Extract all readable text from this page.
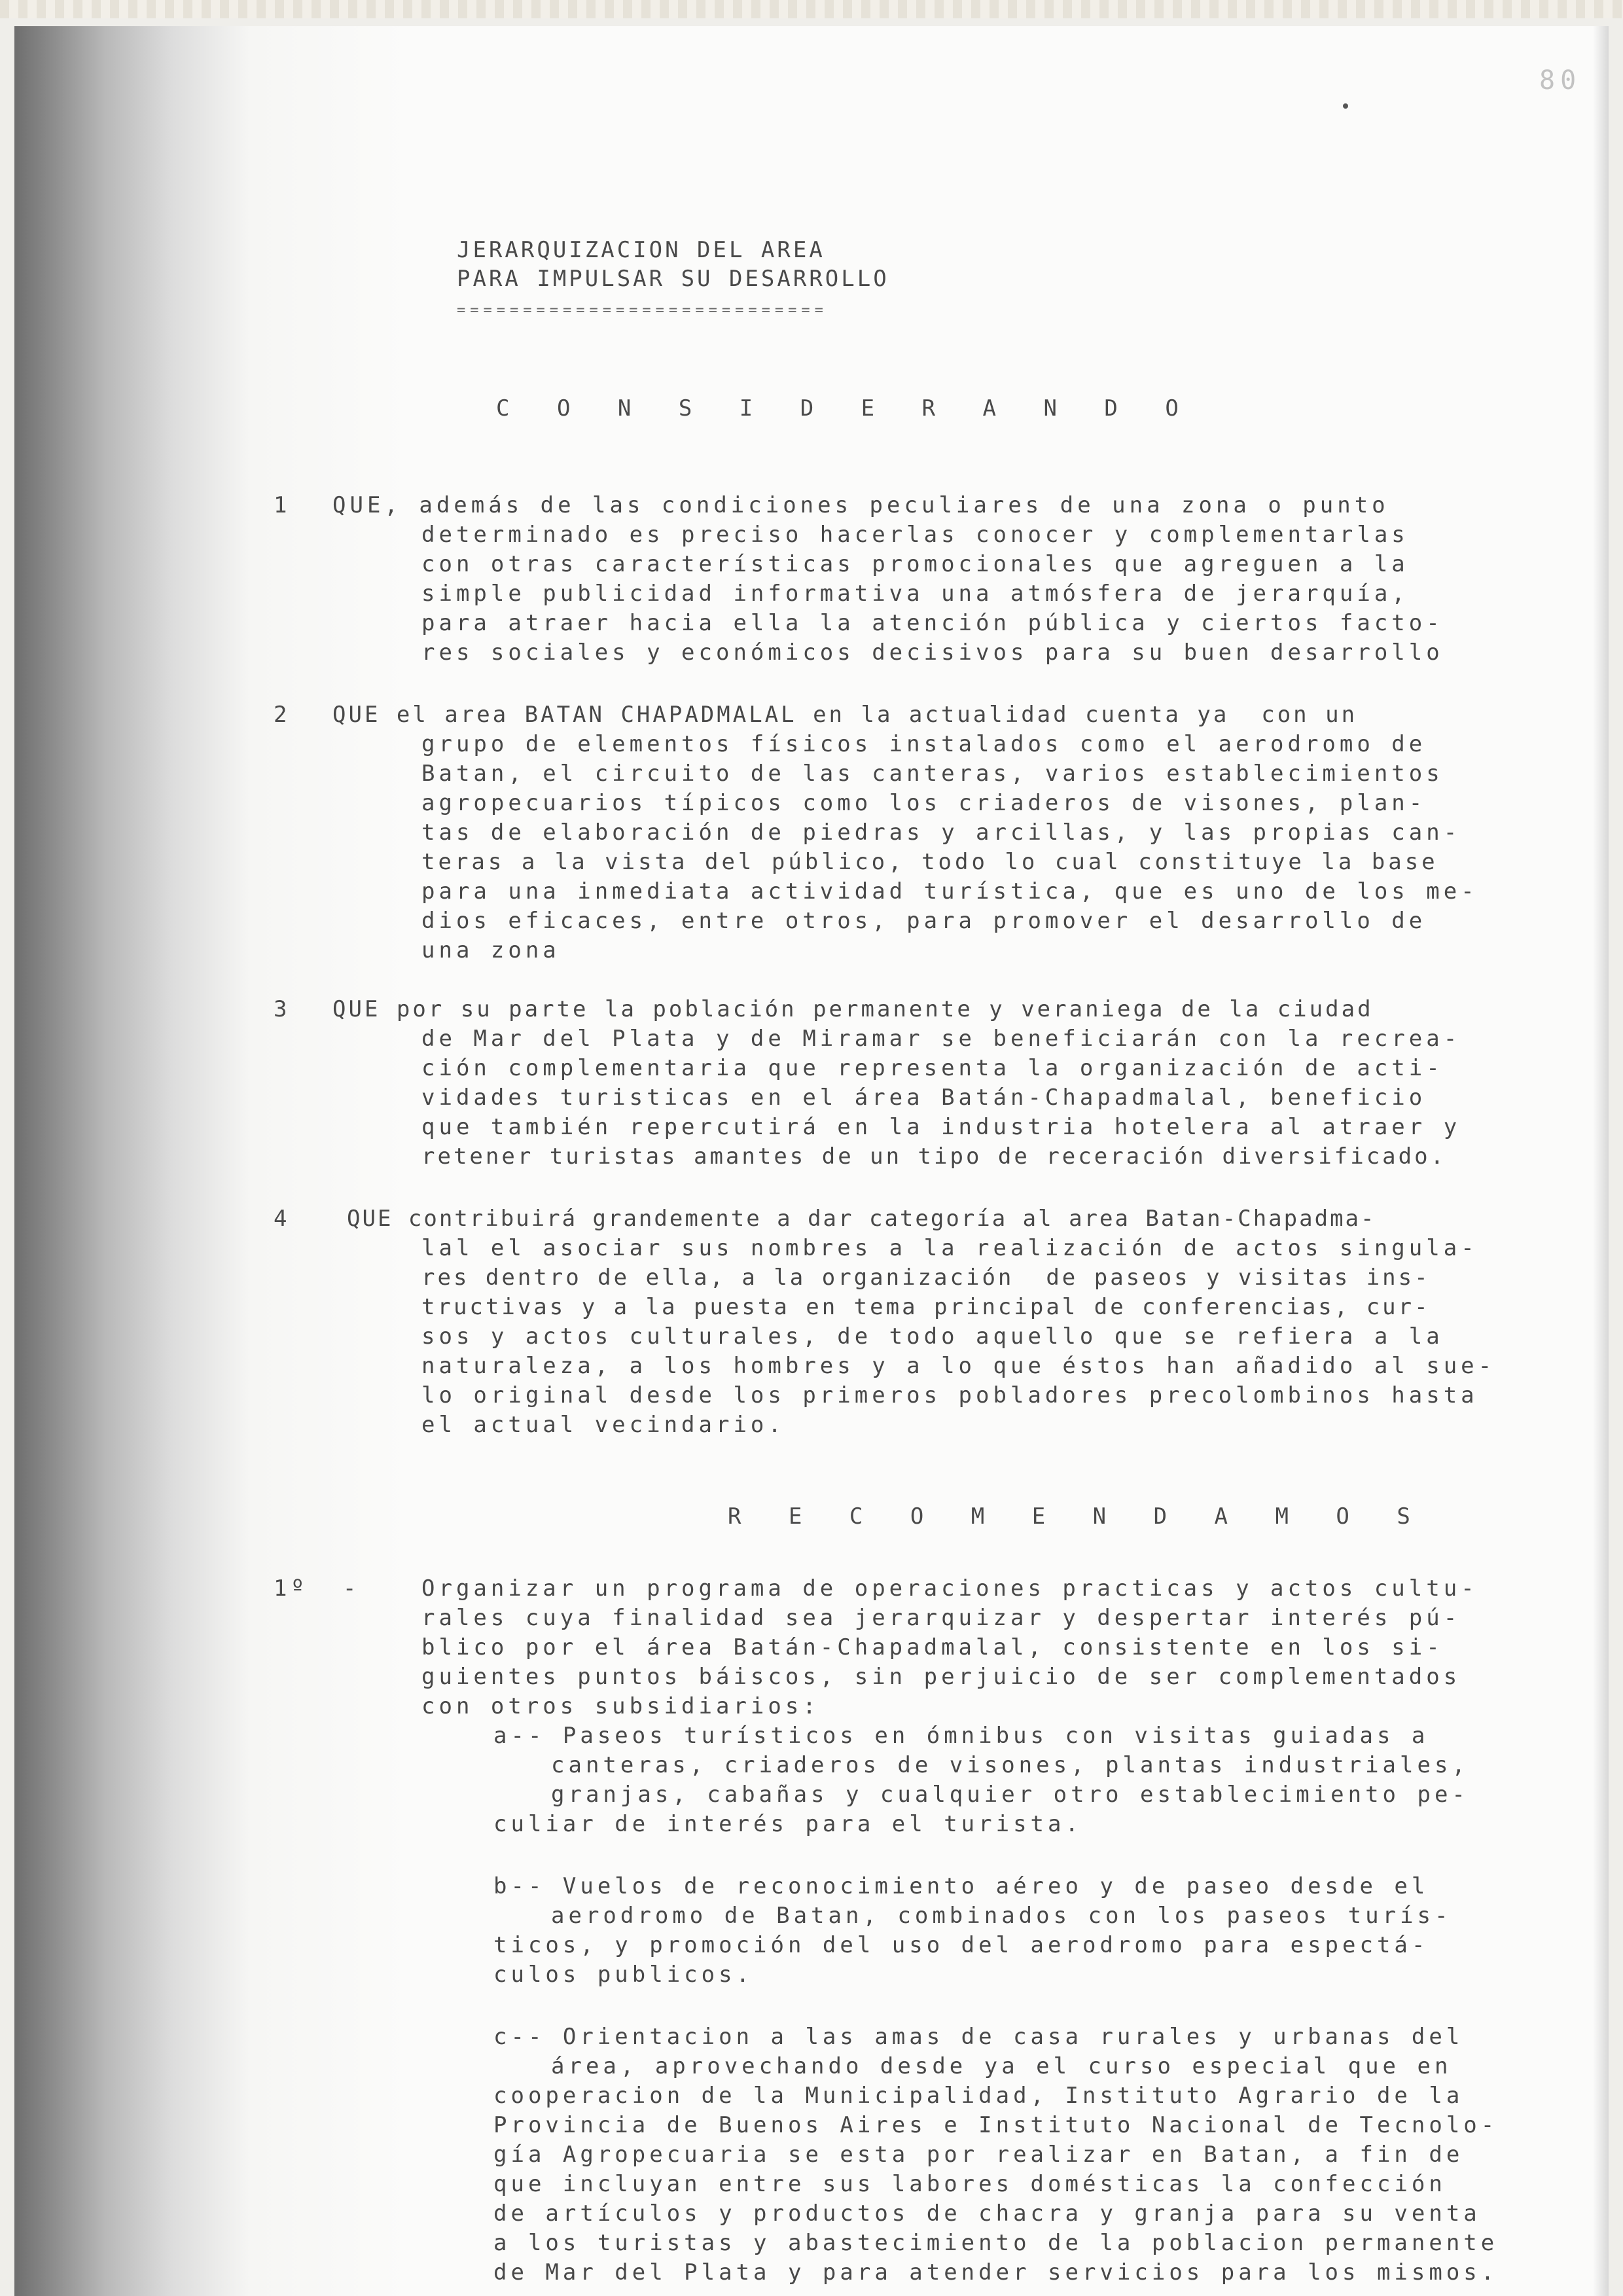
80
JERARQUIZACION DEL AREA
PARA IMPULSAR SU DESARROLLO
============================
C O N S I D E R A N D O
1 QUE, además de las condiciones peculiares de una zona o punto
determinado es preciso hacerlas conocer y complementarlas
con otras características promocionales que agreguen a la
simple publicidad informativa una atmósfera de jerarquía,
para atraer hacia ella la atención pública y ciertos facto-
res sociales y económicos decisivos para su buen desarrollo
2 QUE el area BATAN CHAPADMALAL en la actualidad cuenta ya  con un
grupo de elementos físicos instalados como el aerodromo de
Batan, el circuito de las canteras, varios establecimientos
agropecuarios típicos como los criaderos de visones, plan-
tas de elaboración de piedras y arcillas, y las propias can-
teras a la vista del público, todo lo cual constituye la base
para una inmediata actividad turística, que es uno de los me-
dios eficaces, entre otros, para promover el desarrollo de
una zona
3 QUE por su parte la población permanente y veraniega de la ciudad
de Mar del Plata y de Miramar se beneficiarán con la recrea-
ción complementaria que representa la organización de acti-
vidades turisticas en el área Batán-Chapadmalal, beneficio
que también repercutirá en la industria hotelera al atraer y
retener turistas amantes de un tipo de receración diversificado.
4	QUE contribuirá grandemente a dar categoría al area Batan-Chapadma-
lal el asociar sus nombres a la realización de actos singula-
res dentro de ella, a la organización  de paseos y visitas ins-
tructivas y a la puesta en tema principal de conferencias, cur-
sos y actos culturales, de todo aquello que se refiera a la
naturaleza, a los hombres y a lo que éstos han añadido al sue-
lo original desde los primeros pobladores precolombinos hasta
el actual vecindario.
R E C O M E N D A M O S
1º  -	Organizar un programa de operaciones practicas y actos cultu-
rales cuya finalidad sea jerarquizar y despertar interés pú-
blico por el área Batán-Chapadmalal, consistente en los si-
guientes puntos báiscos, sin perjuicio de ser complementados
con otros subsidiarios:
a-- Paseos turísticos en ómnibus con visitas guiadas a
canteras, criaderos de visones, plantas industriales,
granjas, cabañas y cualquier otro establecimiento pe-
culiar de interés para el turista.
b-- Vuelos de reconocimiento aéreo y de paseo desde el
aerodromo de Batan, combinados con los paseos turís-
ticos, y promoción del uso del aerodromo para espectá-
culos publicos.
c-- Orientacion a las amas de casa rurales y urbanas del
área, aprovechando desde ya el curso especial que en
cooperacion de la Municipalidad, Instituto Agrario de la
Provincia de Buenos Aires e Instituto Nacional de Tecnolo-
gía Agropecuaria se esta por realizar en Batan, a fin de
que incluyan entre sus labores domésticas la confección
de artículos y productos de chacra y granja para su venta
a los turistas y abastecimiento de la poblacion permanente
de Mar del Plata y para atender servicios para los mismos.
